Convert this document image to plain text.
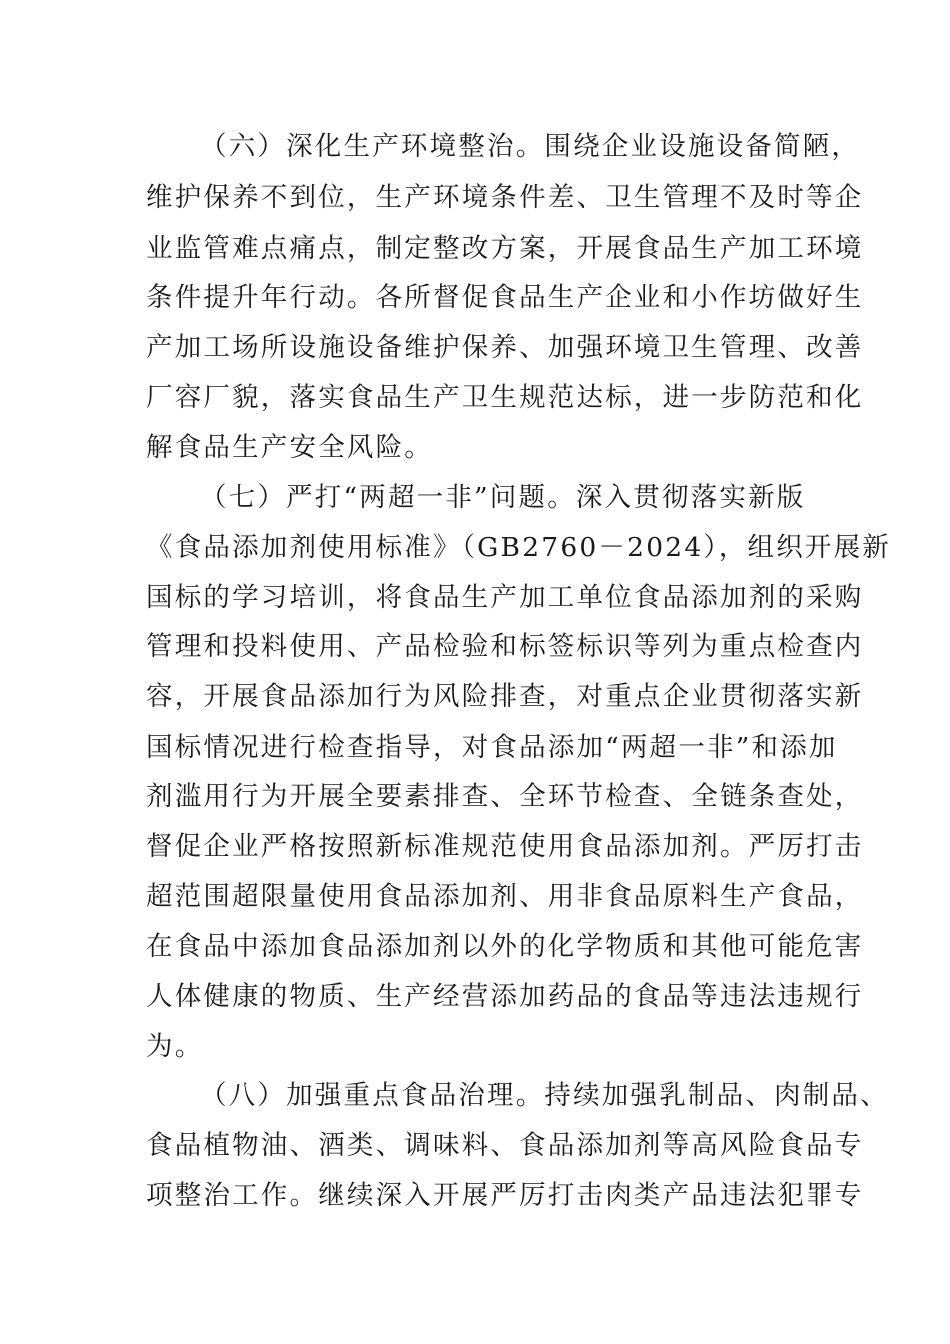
（六）深化生产环境整治。围绕企业设施设备简陋，
维护保养不到位，生产环境条件差、卫生管理不及时等企
业监管难点痛点，制定整改方案，开展食品生产加工环境
条件提升年行动。各所督促食品生产企业和小作坊做好生
产加工场所设施设备维护保养、加强环境卫生管理、改善
厂容厂貌，落实食品生产卫生规范达标，进一步防范和化
解食品生产安全风险。
（七）严打“两超一非”问题。深入贯彻落实新版
《食品添加剂使用标准》（GB2760－2024），组织开展新
国标的学习培训，将食品生产加工单位食品添加剂的采购
管理和投料使用、产品检验和标签标识等列为重点检查内
容，开展食品添加行为风险排查，对重点企业贯彻落实新
国标情况进行检查指导，对食品添加“两超一非”和添加
剂滥用行为开展全要素排查、全环节检查、全链条查处，
督促企业严格按照新标准规范使用食品添加剂。严厉打击
超范围超限量使用食品添加剂、用非食品原料生产食品，
在食品中添加食品添加剂以外的化学物质和其他可能危害
人体健康的物质、生产经营添加药品的食品等违法违规行
为。
（八）加强重点食品治理。持续加强乳制品、肉制品、
食品植物油、酒类、调味料、食品添加剂等高风险食品专
项整治工作。继续深入开展严厉打击肉类产品违法犯罪专
